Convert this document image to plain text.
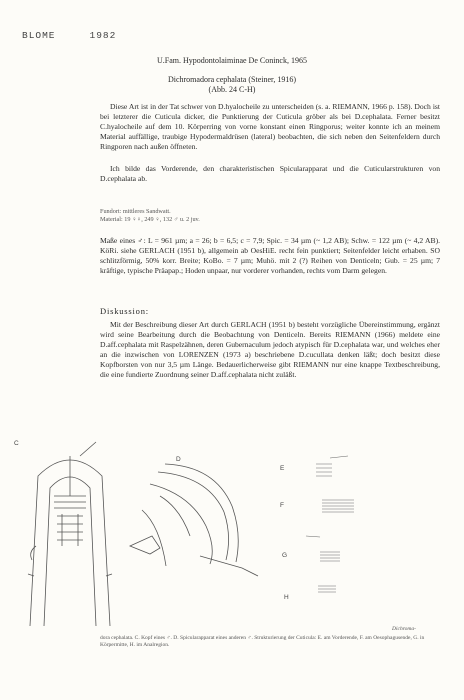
BLOME	1982
U.Fam. Hypodontolaiminae De Coninck, 1965
Dichromadora cephalata (Steiner, 1916)
(Abb. 24 C-H)

Diese Art ist in der Tat schwer von D.hyalocheile zu unterscheiden (s. a. RIEMANN, 1966 p. 158). Doch ist bei letzterer die Cuticula dicker, die Punktierung der Cuticula gröber als bei D.cephalata. Ferner besitzt C.hyalocheile auf dem 10. Körperring von vorne konstant einen Ringporus; weiter konnte ich an meinem Material auffällige, traubige Hypodermaldrüsen (lateral) beobachten, die sich neben den Seitenfeldern durch Ringporen nach außen öffneten.

Ich bilde das Vorderende, den charakteristischen Spicularapparat und die Cuticularstrukturen von D.cephalata ab.

Fundort: mittleres Sandwatt.
Material: 19 ♀♀, 249 ♀, 132 ♂ u. 2 juv.

Maße eines ♂: L = 961 µm; a = 26; b = 6,5; c = 7,9; Spic. = 34 µm (~ 1,2 AB); Schw. = 122 µm (~ 4,2 AB). KöRi. siehe GERLACH (1951 b), allgemein ab OesHiE. recht fein punktiert; Seitenfelder leicht erhaben. SO schlitzförmig, 50% korr. Breite; KoBo. = 7 µm; Muhö. mit 2 (?) Reihen von Denticeln; Gub. = 25 µm; 7 kräftige, typische Präapap.; Hoden unpaar, nur vorderer vorhanden, rechts vom Darm gelegen.

Diskussion:

Mit der Beschreibung dieser Art durch GERLACH (1951 b) besteht vorzügliche Übereinstimmung, ergänzt wird seine Bearbeitung durch die Beobachtung von Denticeln. Bereits RIEMANN (1966) meldete eine D.aff.cephalata mit Raspelzähnen, deren Gubernaculum jedoch atypisch für D.cephalata war, und welches eher an die inzwischen von LORENZEN (1973 a) beschriebene D.cucullata denken läßt; doch besitzt diese Kopfborsten von nur 3,5 µm Länge. Bedauerlicherweise gibt RIEMANN nur eine knappe Textbeschreibung, die eine fundierte Zuordnung seiner D.aff.cephalata nicht zuläßt.

C
D
E
F
G
H
Dichroma-
dora cephalata. C. Kopf eines ♂. D. Spicularapparat eines anderen ♂. Strukturierung der Cuticula: E. am Vorderende, F. am Oesophagusende, G. in Körpermitte, H. im Analregion.
